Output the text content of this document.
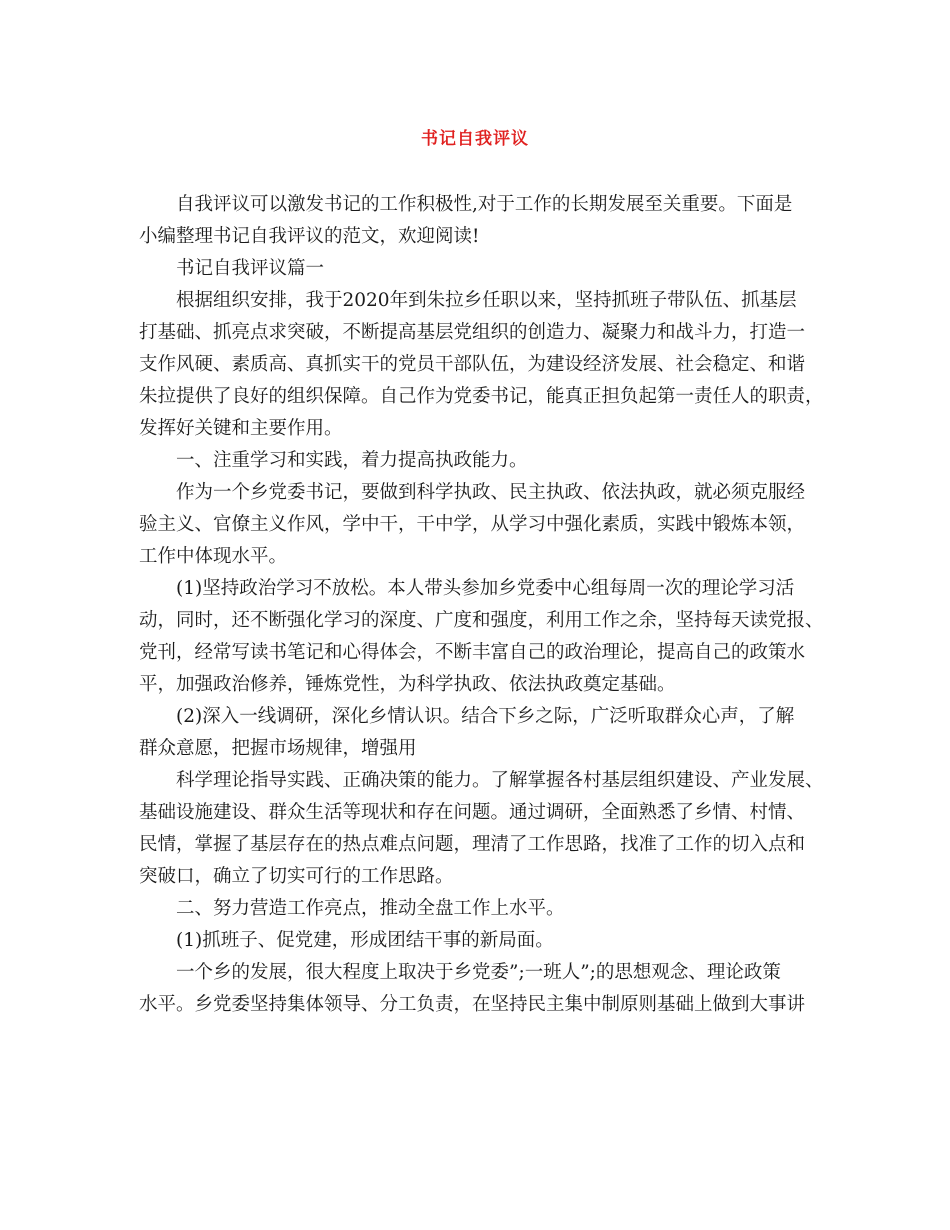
书记自我评议
自我评议可以激发书记的工作积极性,对于工作的长期发展至关重要。下面是
小编整理书记自我评议的范文，欢迎阅读!
书记自我评议篇一
根据组织安排，我于2020年到朱拉乡任职以来，坚持抓班子带队伍、抓基层
打基础、抓亮点求突破，不断提高基层党组织的创造力、凝聚力和战斗力，打造一
支作风硬、素质高、真抓实干的党员干部队伍，为建设经济发展、社会稳定、和谐
朱拉提供了良好的组织保障。自己作为党委书记，能真正担负起第一责任人的职责，
发挥好关键和主要作用。
一、注重学习和实践，着力提高执政能力。
作为一个乡党委书记，要做到科学执政、民主执政、依法执政，就必须克服经
验主义、官僚主义作风，学中干，干中学，从学习中强化素质，实践中锻炼本领，
工作中体现水平。
(1)坚持政治学习不放松。本人带头参加乡党委中心组每周一次的理论学习活
动，同时，还不断强化学习的深度、广度和强度，利用工作之余，坚持每天读党报、
党刊，经常写读书笔记和心得体会，不断丰富自己的政治理论，提高自己的政策水
平，加强政治修养，锤炼党性，为科学执政、依法执政奠定基础。
(2)深入一线调研，深化乡情认识。结合下乡之际，广泛听取群众心声，了解
群众意愿，把握市场规律，增强用
科学理论指导实践、正确决策的能力。了解掌握各村基层组织建设、产业发展、
基础设施建设、群众生活等现状和存在问题。通过调研，全面熟悉了乡情、村情、
民情，掌握了基层存在的热点难点问题，理清了工作思路，找准了工作的切入点和
突破口，确立了切实可行的工作思路。
二、努力营造工作亮点，推动全盘工作上水平。
(1)抓班子、促党建，形成团结干事的新局面。
一个乡的发展，很大程度上取决于乡党委”;一班人”;的思想观念、理论政策
水平。乡党委坚持集体领导、分工负责，在坚持民主集中制原则基础上做到大事讲
